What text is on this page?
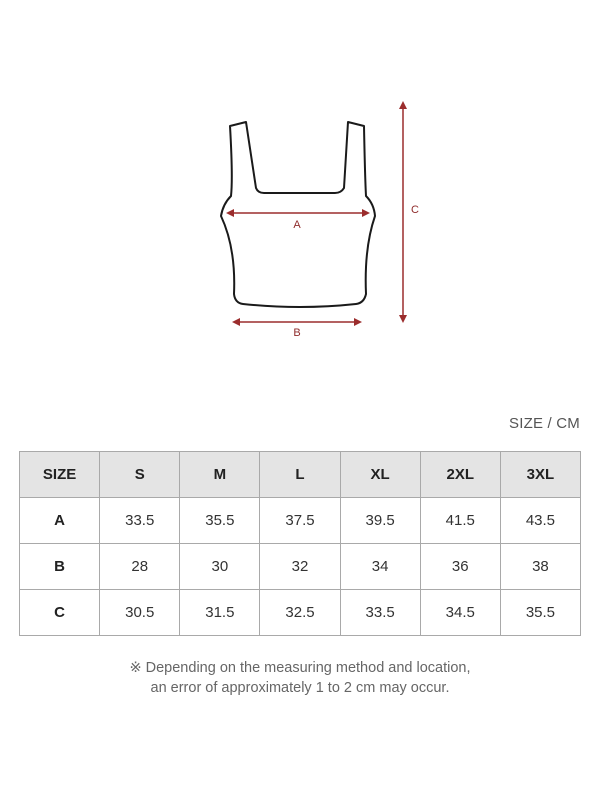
A
B
C
SIZE / CM
SIZE	S	M	L	XL	2XL	3XL
A	33.5	35.5	37.5	39.5	41.5	43.5
B	28	30	32	34	36	38
C	30.5	31.5	32.5	33.5	34.5	35.5
※ Depending on the measuring method and location,
an error of approximately 1 to 2 cm may occur.
